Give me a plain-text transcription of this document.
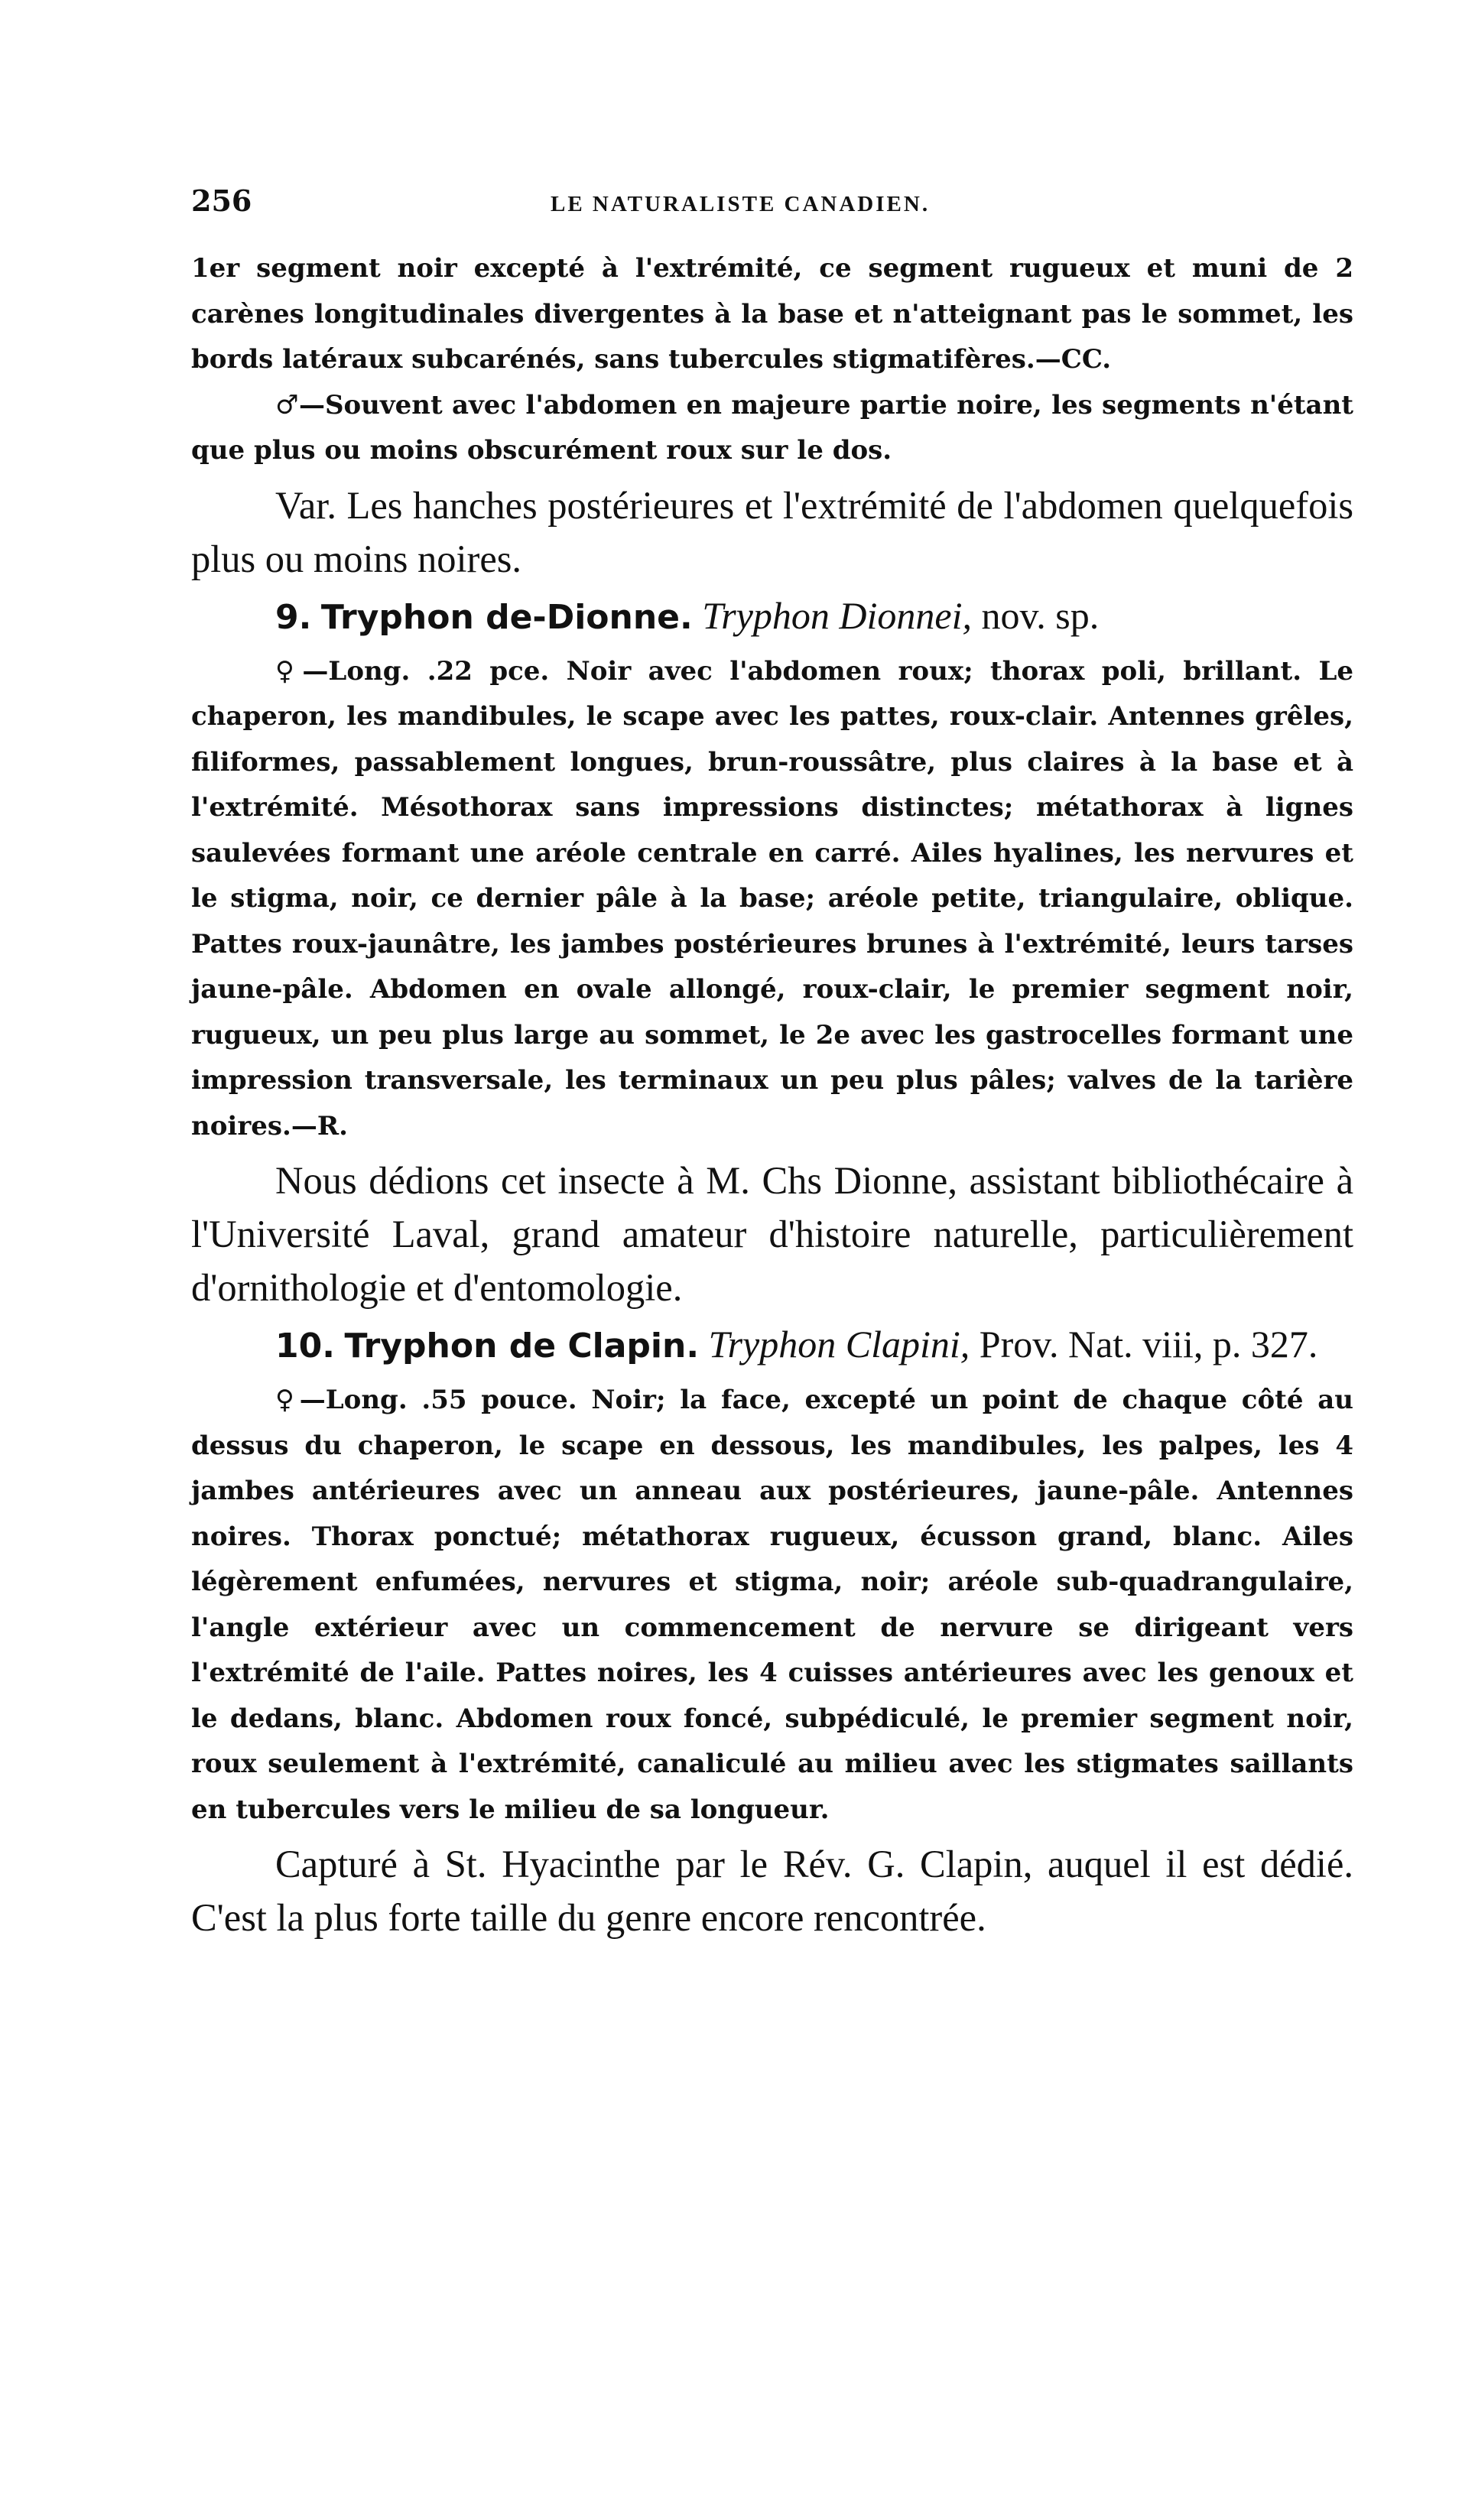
256	LE NATURALISTE CANADIEN.

1er segment noir excepté à l'extrémité, ce segment rugueux et muni de 2 carènes longitudinales divergentes à la base et n'atteignant pas le sommet, les bords latéraux subcarénés, sans tubercules stigmatifères.—CC.

♂—Souvent avec l'abdomen en majeure partie noire, les segments n'étant que plus ou moins obscurément roux sur le dos.

Var. Les hanches postérieures et l'extrémité de l'abdomen quelquefois plus ou moins noires.

9. Tryphon de-Dionne. Tryphon Dionnei, nov. sp.

♀—Long. .22 pce. Noir avec l'abdomen roux; thorax poli, brillant. Le chaperon, les mandibules, le scape avec les pattes, roux-clair. Antennes grêles, filiformes, passablement longues, brun-roussâtre, plus claires à la base et à l'extrémité. Mésothorax sans impressions distinctes; métathorax à lignes saulevées formant une aréole centrale en carré. Ailes hyalines, les nervures et le stigma, noir, ce dernier pâle à la base; aréole petite, triangulaire, oblique. Pattes roux-jaunâtre, les jambes postérieures brunes à l'extrémité, leurs tarses jaune-pâle. Abdomen en ovale allongé, roux-clair, le premier segment noir, rugueux, un peu plus large au sommet, le 2e avec les gastrocelles formant une impression transversale, les terminaux un peu plus pâles; valves de la tarière noires.—R.

Nous dédions cet insecte à M. Chs Dionne, assistant bibliothécaire à l'Université Laval, grand amateur d'histoire naturelle, particulièrement d'ornithologie et d'entomologie.

10. Tryphon de Clapin. Tryphon Clapini, Prov. Nat. viii, p. 327.

♀—Long. .55 pouce. Noir; la face, excepté un point de chaque côté au dessus du chaperon, le scape en dessous, les mandibules, les palpes, les 4 jambes antérieures avec un anneau aux postérieures, jaune-pâle. Antennes noires. Thorax ponctué; métathorax rugueux, écusson grand, blanc. Ailes légèrement enfumées, nervures et stigma, noir; aréole sub-quadrangulaire, l'angle extérieur avec un commencement de nervure se dirigeant vers l'extrémité de l'aile. Pattes noires, les 4 cuisses antérieures avec les genoux et le dedans, blanc. Abdomen roux foncé, subpédiculé, le premier segment noir, roux seulement à l'extrémité, canaliculé au milieu avec les stigmates saillants en tubercules vers le milieu de sa longueur.

Capturé à St. Hyacinthe par le Rév. G. Clapin, auquel il est dédié. C'est la plus forte taille du genre encore rencontrée.
